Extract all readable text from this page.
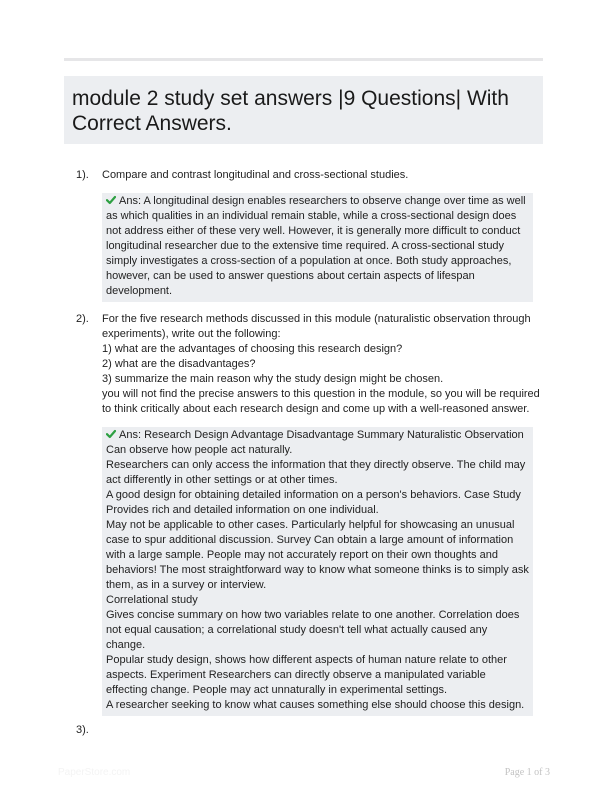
module 2 study set answers |9 Questions| With Correct Answers.
1). Compare and contrast longitudinal and cross-sectional studies.
Ans: A longitudinal design enables researchers to observe change over time as well as which qualities in an individual remain stable, while a cross-sectional design does not address either of these very well. However, it is generally more difficult to conduct longitudinal researcher due to the extensive time required. A cross-sectional study simply investigates a cross-section of a population at once. Both study approaches, however, can be used to answer questions about certain aspects of lifespan development.
2). For the five research methods discussed in this module (naturalistic observation through experiments), write out the following:
1) what are the advantages of choosing this research design?
2) what are the disadvantages?
3) summarize the main reason why the study design might be chosen.
you will not find the precise answers to this question in the module, so you will be required to think critically about each research design and come up with a well-reasoned answer.
Ans: Research Design Advantage Disadvantage Summary Naturalistic Observation Can observe how people act naturally.
Researchers can only access the information that they directly observe. The child may act differently in other settings or at other times.
A good design for obtaining detailed information on a person's behaviors. Case Study Provides rich and detailed information on one individual.
May not be applicable to other cases. Particularly helpful for showcasing an unusual case to spur additional discussion. Survey Can obtain a large amount of information with a large sample. People may not accurately report on their own thoughts and behaviors! The most straightforward way to know what someone thinks is to simply ask them, as in a survey or interview.
Correlational study
Gives concise summary on how two variables relate to one another. Correlation does not equal causation; a correlational study doesn't tell what actually caused any change.
Popular study design, shows how different aspects of human nature relate to other aspects. Experiment Researchers can directly observe a manipulated variable effecting change. People may act unnaturally in experimental settings.
A researcher seeking to know what causes something else should choose this design.
3).
PaperStore.com	Page 1 of 3
